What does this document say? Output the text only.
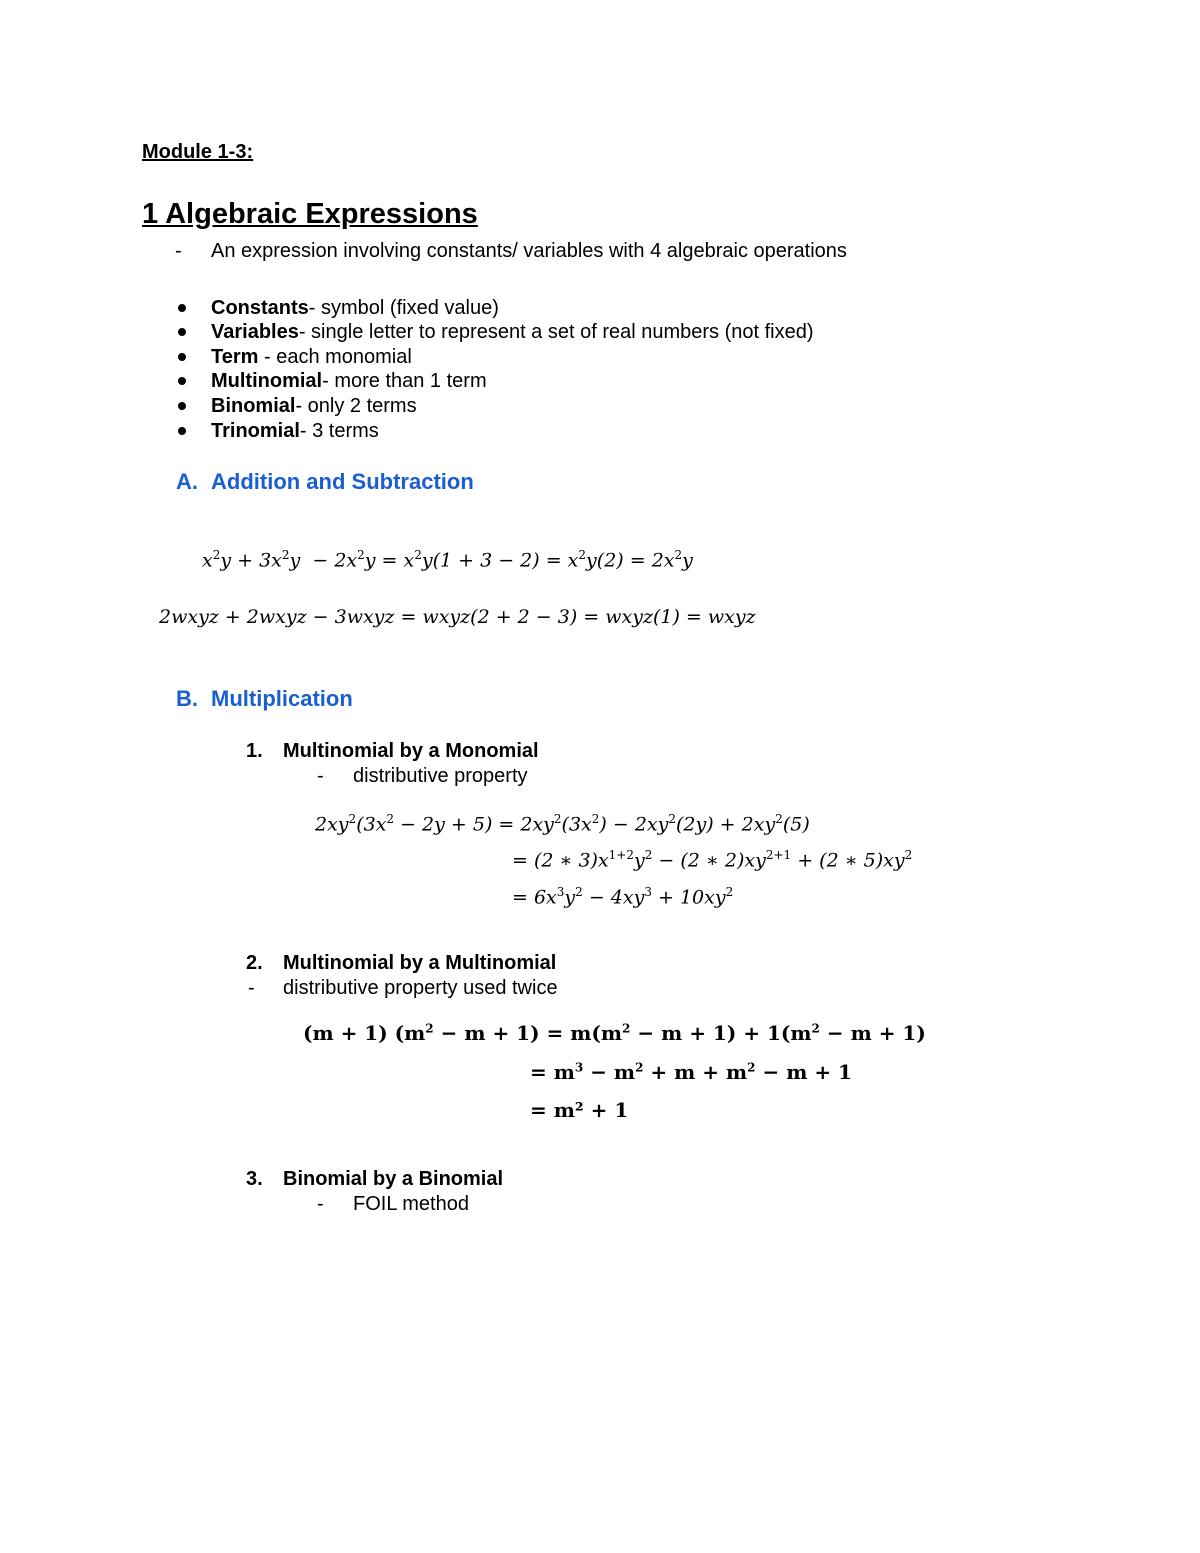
Module 1-3:
1 Algebraic Expressions
- An expression involving constants/ variables with 4 algebraic operations
Constants- symbol (fixed value)
Variables- single letter to represent a set of real numbers (not fixed)
Term - each monomial
Multinomial- more than 1 term
Binomial- only 2 terms
Trinomial- 3 terms
A. Addition and Subtraction
$x^2y + 3x^2y - 2x^2y = x^2y(1 + 3 - 2) = x^2y(2) = 2x^2y$
2wxyz + 2wxyz − 3wxyz = wxyz(2 + 2 − 3) = wxyz(1) = wxyz
B. Multiplication
1. Multinomial by a Monomial
- distributive property
$2xy^2(3x^2 - 2y + 5) = 2xy^2(3x^2) - 2xy^2(2y) + 2xy^2(5)$
= (2 ∗ $3)x^{1+2}y^2 - (2$ ∗ $2)xy^{2+1} + (2$ ∗ $5)xy^2$
= $6x^3y^2 - 4xy^3 + 10xy^2$
2. Multinomial by a Multinomial
- distributive property used twice
(m + 1) $(m^2 - m + 1) = m(m^2 - m + 1) + 1(m^2 - m + 1)$
= $m^3 - m^2 + m + m^2 - m + 1$
= m² + 1
3. Binomial by a Binomial
- FOIL method
